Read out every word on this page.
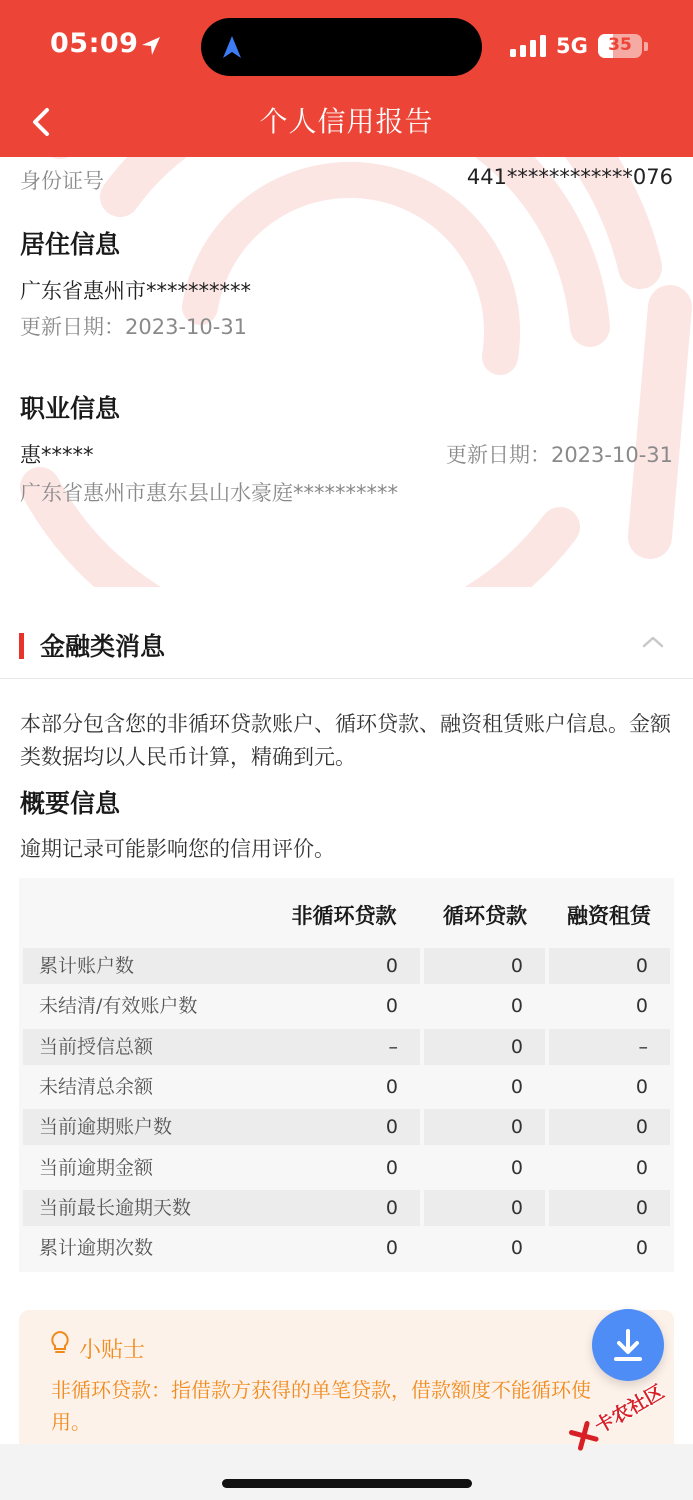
05:09	5G	35
个人信用报告
身份证号	441************076
居住信息
广东省惠州市**********
更新日期：2023-10-31
职业信息
惠*****	更新日期：2023-10-31
广东省惠州市惠东县山水豪庭**********
金融类消息
本部分包含您的非循环贷款账户、循环贷款、融资租赁账户信息。金额类数据均以人民币计算，精确到元。
概要信息
逾期记录可能影响您的信用评价。
非循环贷款	循环贷款	融资租赁
累计账户数	0	0	0
未结清/有效账户数	0	0	0
当前授信总额	–	0	–
未结清总余额	0	0	0
当前逾期账户数	0	0	0
当前逾期金额	0	0	0
当前最长逾期天数	0	0	0
累计逾期次数	0	0	0
小贴士
非循环贷款：指借款方获得的单笔贷款，借款额度不能循环使用。	卡农社区
